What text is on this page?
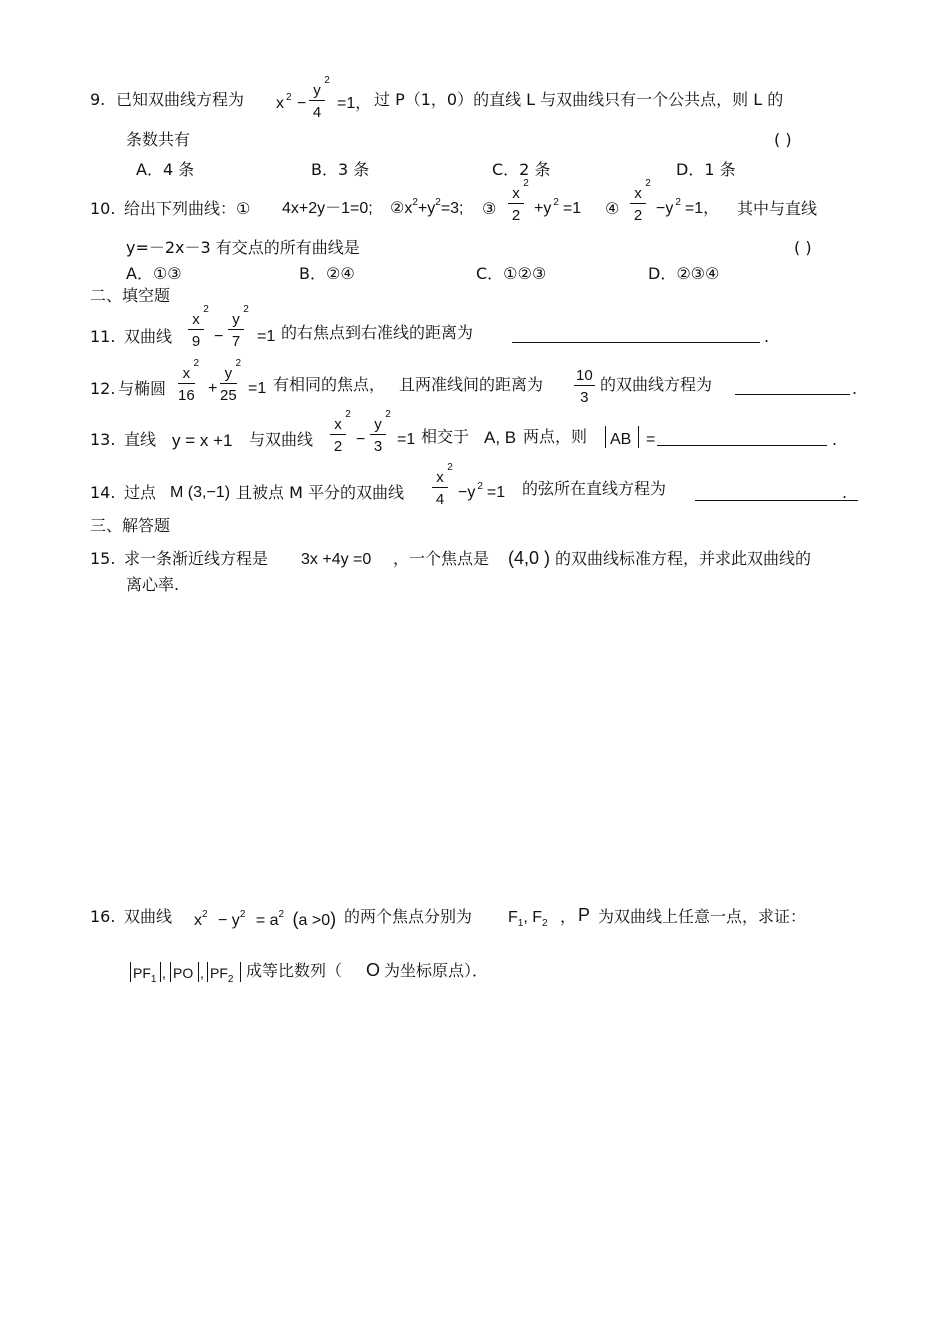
9. 已知双曲线方程为 x $^2$ −
y
2
4
=1， 过 P（1，0）的直线 L 与双曲线只有一个公共点，则 L 的
条数共有	( )
A．4 条	B．3 条	C．2 条	D．1 条
10. 给出下列曲线：① 4x+2y－1=0; $②x^2+y^2=3$; ③
x
2
2 +y $^2$ =1 ④
x
2
2 −y $^2$ =1， 其中与直线
y=－2x－3 有交点的所有曲线是	( )
A．①③	B．②④	C．①②③	D．②③④
二、填空题
11. 双曲线
x
2
9 −
y
2
7 =1 的右焦点到右准线的距离为	.
12. 与椭圆
x
2
16 +
y
2
25 =1 有相同的焦点， 且两准线间的距离为 10
3
的双曲线方程为	.
13. 直线 y = x +1 与双曲线
x
2
2 −
y
2
3 =1 相交于 A, B 两点，则 AB =	.
14. 过点 M (3,−1) 且被点 M 平分的双曲线
x
2
4 −y $^2$ =1 的弦所在直线方程为	.
三、解答题
15. 求一条渐近线方程是 3x +4y =0 ，一个焦点是 (4,0 ) 的双曲线标准方程，并求此双曲线的
离心率.
16. 双曲线 $x^2 - y^2 = a^2$ (a >0) 的两个焦点分别为 $F_1$, $F_2$ ， P 为双曲线上任意一点，求证：
$PF_1$ , PO , $PF_2$ 成等比数列（ O 为坐标原点）．
